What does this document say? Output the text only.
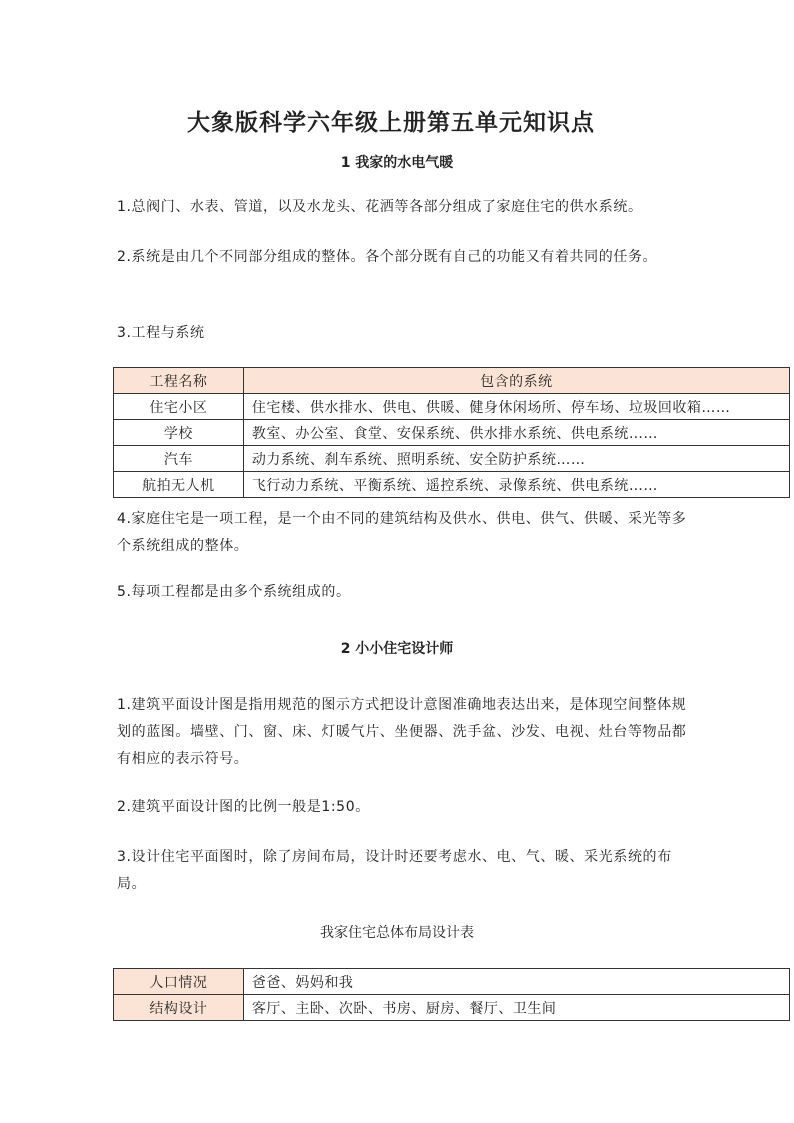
大象版科学六年级上册第五单元知识点
1 我家的水电气暖
1.总阀门、水表、管道，以及水龙头、花洒等各部分组成了家庭住宅的供水系统。
2.系统是由几个不同部分组成的整体。各个部分既有自己的功能又有着共同的任务。
3.工程与系统
工程名称	包含的系统
住宅小区	住宅楼、供水排水、供电、供暖、健身休闲场所、停车场、垃圾回收箱……
学校	教室、办公室、食堂、安保系统、供水排水系统、供电系统……
汽车	动力系统、刹车系统、照明系统、安全防护系统……
航拍无人机	飞行动力系统、平衡系统、遥控系统、录像系统、供电系统……
4.家庭住宅是一项工程，是一个由不同的建筑结构及供水、供电、供气、供暖、采光等多个系统组成的整体。
5.每项工程都是由多个系统组成的。
2 小小住宅设计师
1.建筑平面设计图是指用规范的图示方式把设计意图准确地表达出来，是体现空间整体规划的蓝图。墙壁、门、窗、床、灯暖气片、坐便器、洗手盆、沙发、电视、灶台等物品都有相应的表示符号。
2.建筑平面设计图的比例一般是1:50。
3.设计住宅平面图时，除了房间布局，设计时还要考虑水、电、气、暖、采光系统的布局。
我家住宅总体布局设计表
人口情况	爸爸、妈妈和我
结构设计	客厅、主卧、次卧、书房、厨房、餐厅、卫生间
